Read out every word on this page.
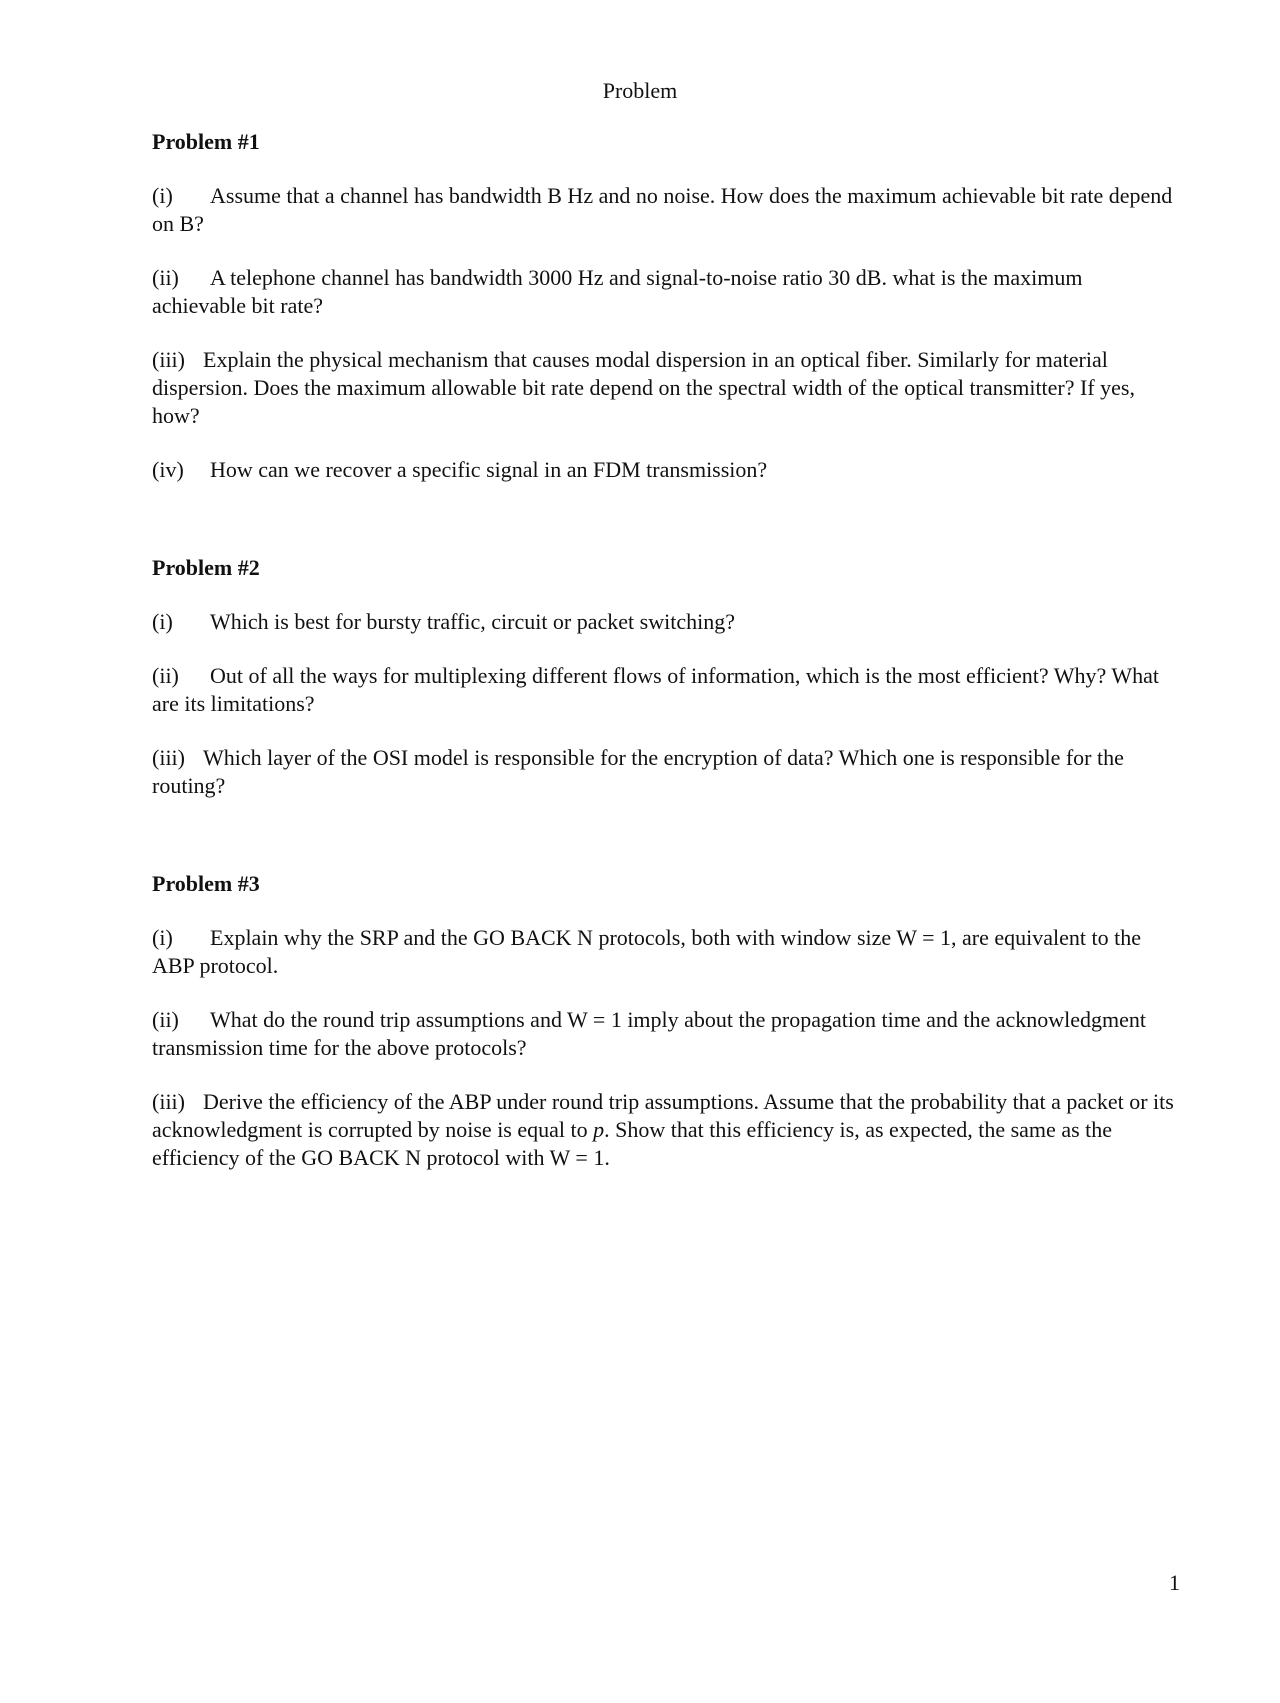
Problem
Problem #1
(i) Assume that a channel has bandwidth B Hz and no noise. How does the maximum achievable bit rate depend on B?
(ii) A telephone channel has bandwidth 3000 Hz and signal-to-noise ratio 30 dB. what is the maximum achievable bit rate?
(iii) Explain the physical mechanism that causes modal dispersion in an optical fiber. Similarly for material dispersion. Does the maximum allowable bit rate depend on the spectral width of the optical transmitter? If yes, how?
(iv) How can we recover a specific signal in an FDM transmission?
Problem #2
(i) Which is best for bursty traffic, circuit or packet switching?
(ii) Out of all the ways for multiplexing different flows of information, which is the most efficient? Why? What are its limitations?
(iii) Which layer of the OSI model is responsible for the encryption of data? Which one is responsible for the routing?
Problem #3
(i) Explain why the SRP and the GO BACK N protocols, both with window size W = 1, are equivalent to the ABP protocol.
(ii) What do the round trip assumptions and W = 1 imply about the propagation time and the acknowledgment transmission time for the above protocols?
(iii) Derive the efficiency of the ABP under round trip assumptions. Assume that the probability that a packet or its acknowledgment is corrupted by noise is equal to p. Show that this efficiency is, as expected, the same as the efficiency of the GO BACK N protocol with W = 1.
1
